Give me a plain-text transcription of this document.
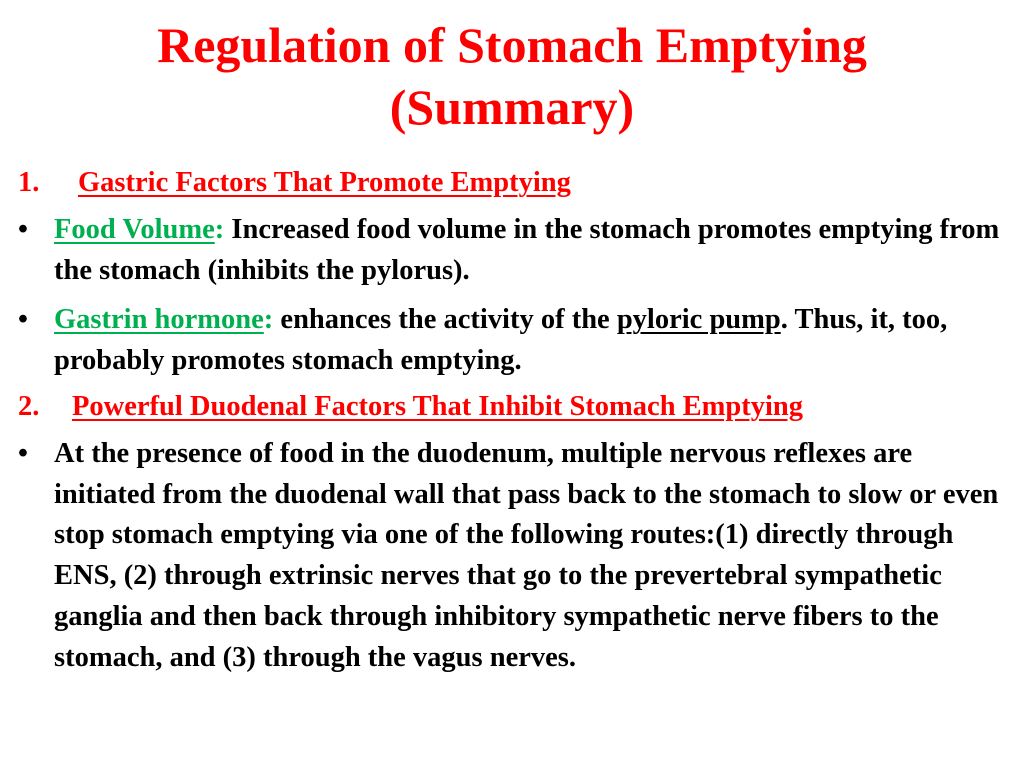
Regulation of Stomach Emptying
(Summary)
1.	Gastric Factors That Promote Emptying
• Food Volume: Increased food volume in the stomach promotes emptying from the stomach (inhibits the pylorus).
• Gastrin hormone: enhances the activity of the pyloric pump. Thus, it, too, probably promotes stomach emptying.
2.	Powerful Duodenal Factors That Inhibit Stomach Emptying
• At the presence of food in the duodenum, multiple nervous reflexes are initiated from the duodenal wall that pass back to the stomach to slow or even stop stomach emptying via one of the following routes:(1) directly through ENS, (2) through extrinsic nerves that go to the prevertebral sympathetic ganglia and then back through inhibitory sympathetic nerve fibers to the stomach, and (3) through the vagus nerves.
